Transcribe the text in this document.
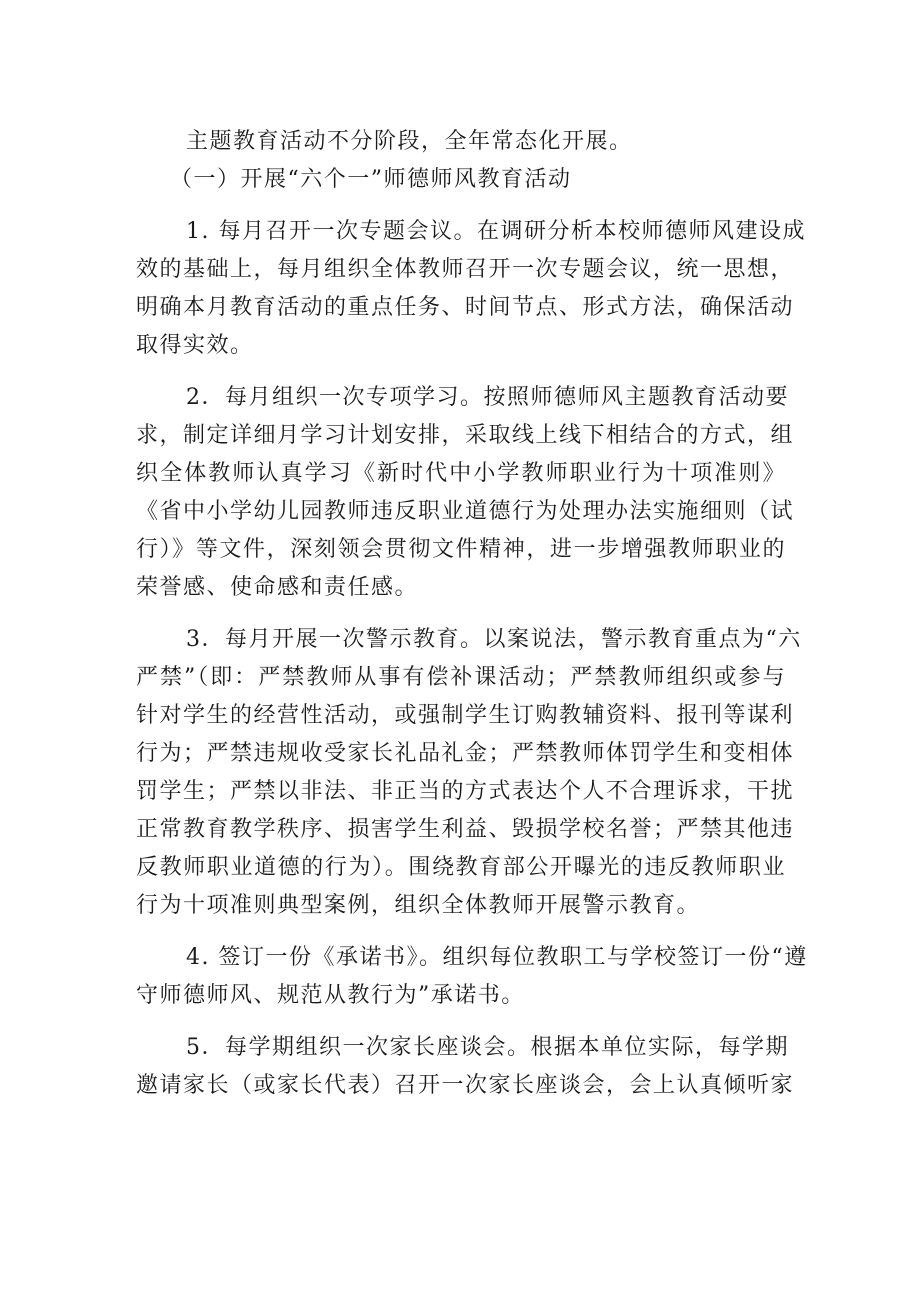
主题教育活动不分阶段，全年常态化开展。
（一）开展“六个一”师德师风教育活动
1. 每月召开一次专题会议。在调研分析本校师德师风建设成
效的基础上，每月组织全体教师召开一次专题会议，统一思想，
明确本月教育活动的重点任务、时间节点、形式方法，确保活动
取得实效。
2．每月组织一次专项学习。按照师德师风主题教育活动要
求，制定详细月学习计划安排，采取线上线下相结合的方式，组
织全体教师认真学习《新时代中小学教师职业行为十项准则》
《省中小学幼儿园教师违反职业道德行为处理办法实施细则（试
行）》等文件，深刻领会贯彻文件精神，进一步增强教师职业的
荣誉感、使命感和责任感。
3．每月开展一次警示教育。以案说法，警示教育重点为“六
严禁”（即：严禁教师从事有偿补课活动；严禁教师组织或参与
针对学生的经营性活动，或强制学生订购教辅资料、报刊等谋利
行为；严禁违规收受家长礼品礼金；严禁教师体罚学生和变相体
罚学生；严禁以非法、非正当的方式表达个人不合理诉求，干扰
正常教育教学秩序、损害学生利益、毁损学校名誉；严禁其他违
反教师职业道德的行为）。围绕教育部公开曝光的违反教师职业
行为十项准则典型案例，组织全体教师开展警示教育。
4. 签订一份《承诺书》。组织每位教职工与学校签订一份“遵
守师德师风、规范从教行为”承诺书。
5．每学期组织一次家长座谈会。根据本单位实际，每学期
邀请家长（或家长代表）召开一次家长座谈会，会上认真倾听家
